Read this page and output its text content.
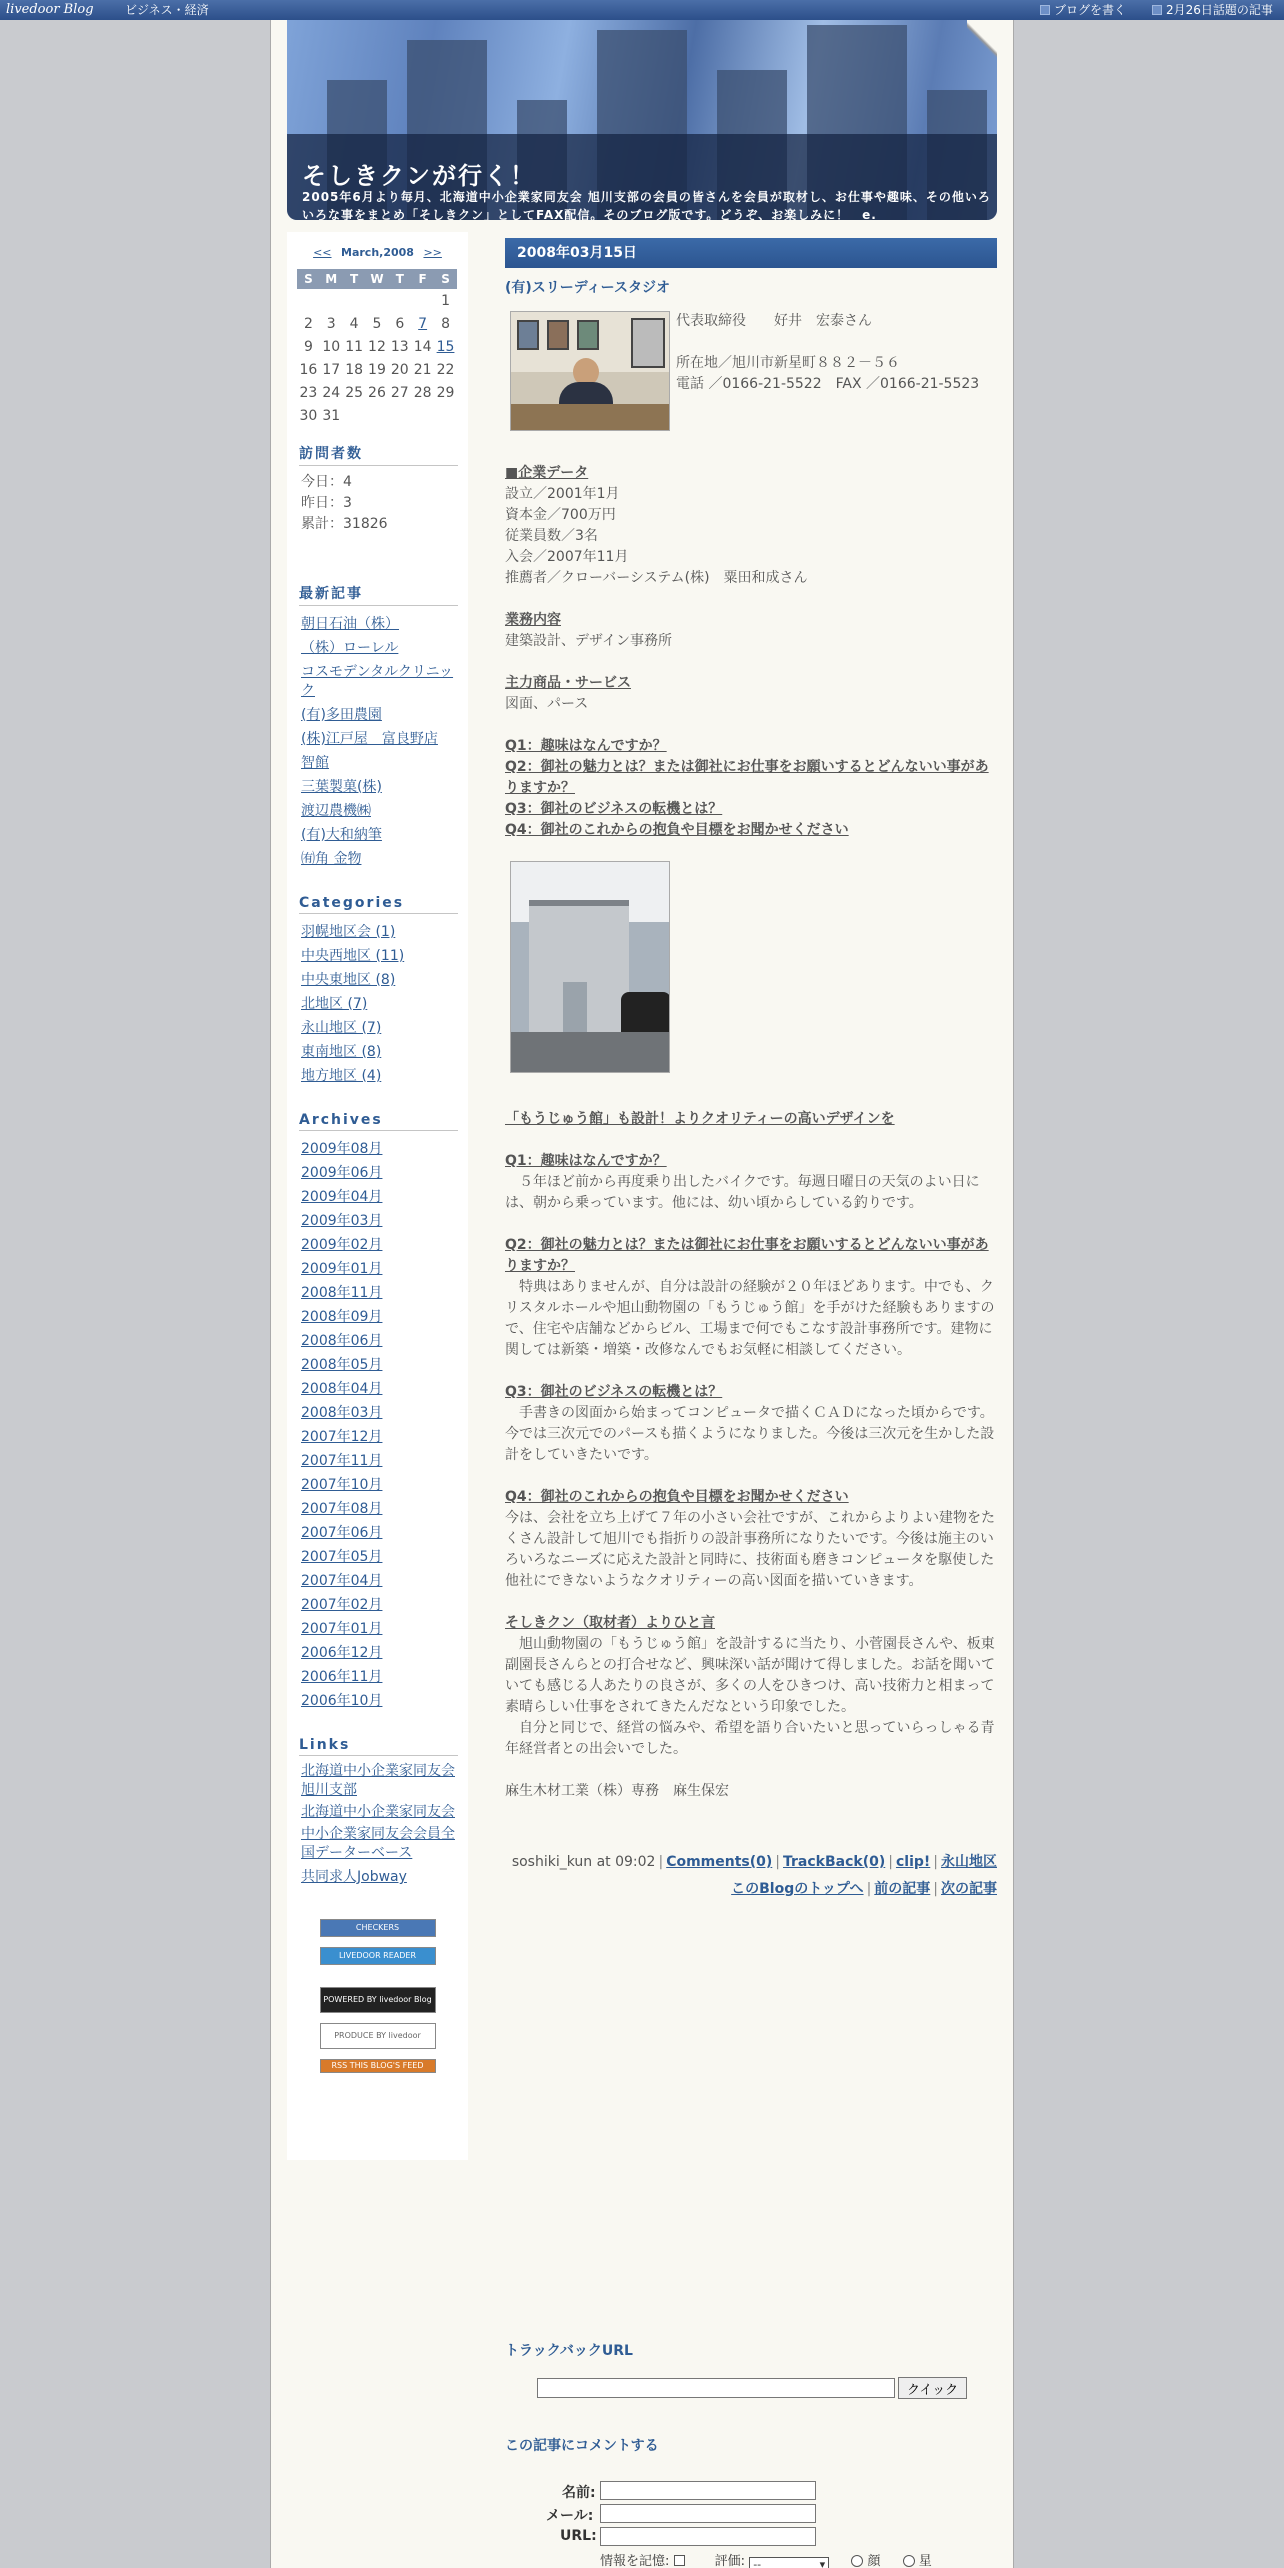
livedoor Blog	ビジネス・経済	ブログを書く	2月26日話題の記事
そしきクンが行く！
2005年6月より毎月、北海道中小企業家同友会 旭川支部の会員の皆さんを会員が取材し、お仕事や趣味、その他いろいろな事をまとめ「そしきクン」としてFAX配信。そのブログ版です。どうぞ、お楽しみに！　e.
<< March,2008 >>
S	M	T	W	T	F	S
						1
2	3	4	5	6	7	8
9	10	11	12	13	14	15
16	17	18	19	20	21	22
23	24	25	26	27	28	29
30	31					
訪問者数
今日：4
昨日：3
累計：31826
最新記事
朝日石油（株）
（株）ローレル
コスモデンタルクリニック
(有)多田農園
(株)江戸屋　富良野店
智館
三葉製菓(株)
渡辺農機㈱
(有)大和納筆
㈲角 金物
Categories
羽幌地区会 (1)
中央西地区 (11)
中央東地区 (8)
北地区 (7)
永山地区 (7)
東南地区 (8)
地方地区 (4)
Archives
2009年08月
2009年06月
2009年04月
2009年03月
2009年02月
2009年01月
2008年11月
2008年09月
2008年06月
2008年05月
2008年04月
2008年03月
2007年12月
2007年11月
2007年10月
2007年08月
2007年06月
2007年05月
2007年04月
2007年02月
2007年01月
2006年12月
2006年11月
2006年10月
Links
北海道中小企業家同友会旭川支部
北海道中小企業家同友会
中小企業家同友会会員全国データーベース
共同求人Jobway
CHECKERS
LIVEDOOR READER
POWERED BY livedoor Blog
PRODUCE BY livedoor
RSS THIS BLOG'S FEED
2008年03月15日
(有)スリーディースタジオ
代表取締役　　好井　宏泰さん
所在地／旭川市新星町８８２－５６
電話 ／0166-21-5522　FAX ／0166-21-5523
■企業データ
設立／2001年1月
資本金／700万円
従業員数／3名
入会／2007年11月
推薦者／クローバーシステム(株)　粟田和成さん
業務内容
建築設計、デザイン事務所
主力商品・サービス
図面、パース
Q1：趣味はなんですか？
Q2：御社の魅力とは？または御社にお仕事をお願いするとどんないい事がありますか？
Q3：御社のビジネスの転機とは？
Q4：御社のこれからの抱負や目標をお聞かせください
「もうじゅう館」も設計！よりクオリティーの高いデザインを
Q1：趣味はなんですか？
　５年ほど前から再度乗り出したバイクです。毎週日曜日の天気のよい日には、朝から乗っています。他には、幼い頃からしている釣りです。
Q2：御社の魅力とは？または御社にお仕事をお願いするとどんないい事がありますか？
　特典はありませんが、自分は設計の経験が２０年ほどあります。中でも、クリスタルホールや旭山動物園の「もうじゅう館」を手がけた経験もありますので、住宅や店舗などからビル、工場まで何でもこなす設計事務所です。建物に関しては新築・増築・改修なんでもお気軽に相談してください。
Q3：御社のビジネスの転機とは？
　手書きの図面から始まってコンピュータで描くＣＡＤになった頃からです。今では三次元でのパースも描くようになりました。今後は三次元を生かした設計をしていきたいです。
Q4：御社のこれからの抱負や目標をお聞かせください
今は、会社を立ち上げて７年の小さい会社ですが、これからよりよい建物をたくさん設計して旭川でも指折りの設計事務所になりたいです。今後は施主のいろいろなニーズに応えた設計と同時に、技術面も磨きコンピュータを駆使した他社にできないようなクオリティーの高い図面を描いていきます。
そしきクン（取材者）よりひと言
　旭山動物園の「もうじゅう館」を設計するに当たり、小菅園長さんや、板東副園長さんらとの打合せなど、興味深い話が聞けて得しました。お話を聞いていても感じる人あたりの良さが、多くの人をひきつけ、高い技術力と相まって素晴らしい仕事をされてきたんだなという印象でした。
　自分と同じで、経営の悩みや、希望を語り合いたいと思っていらっしゃる青年経営者との出会いでした。
麻生木材工業（株）専務　麻生保宏
soshiki_kun at 09:02 | Comments(0) | TrackBack(0) | clip! | 永山地区
このBlogのトップへ | 前の記事 | 次の記事
トラックバックURL
クイック
この記事にコメントする
名前:
メール:
URL:
情報を記憶:	評価: --	▾	顔	星
